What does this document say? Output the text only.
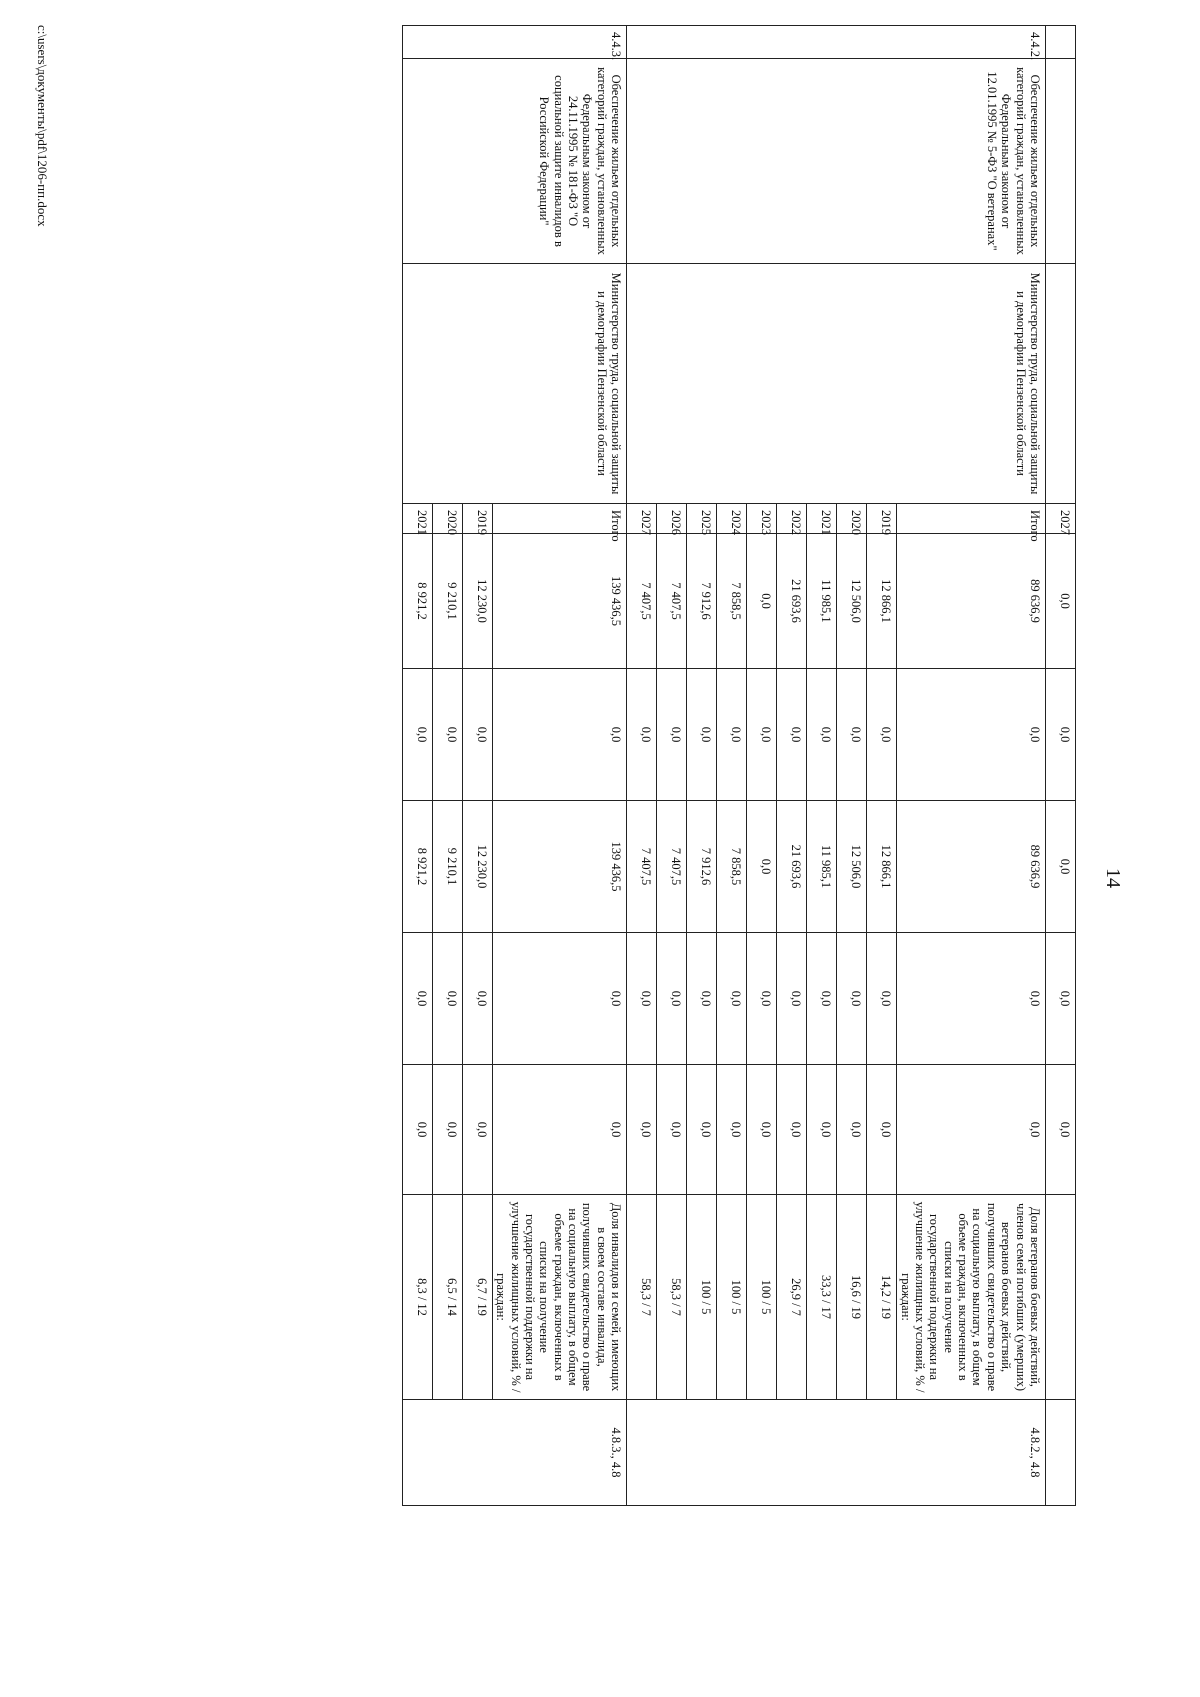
14
			2027	0,0	0,0	0,0	0,0	0,0		
4.4.2.	Обеспечение жильем отдельных категорий граждан, установленных Федеральным законом от 12.01.1995 № 5-ФЗ "О ветеранах"	Министерство труда, социальной защиты и демографии Пензенской области	Итого	89 636,9	0,0	89 636,9	0,0	0,0	Доля ветеранов боевых действий, членов семей погибших (умерших) ветеранов боевых действий, получивших свидетельство о праве на социальную выплату, в общем объеме граждан, включенных в списки на получение государственной поддержки на улучшение жилищных условий, % / граждан:	4.8.2., 4.8
			2019	12 866,1	0,0	12 866,1	0,0	0,0	14,2 / 19	
			2020	12 506,0	0,0	12 506,0	0,0	0,0	16,6 / 19	
			2021	11 985,1	0,0	11 985,1	0,0	0,0	33,3 / 17	
			2022	21 693,6	0,0	21 693,6	0,0	0,0	26,9 / 7	
			2023	0,0	0,0	0,0	0,0	0,0	100 / 5	
			2024	7 858,5	0,0	7 858,5	0,0	0,0	100 / 5	
			2025	7 912,6	0,0	7 912,6	0,0	0,0	100 / 5	
			2026	7 407,5	0,0	7 407,5	0,0	0,0	58,3 / 7	
			2027	7 407,5	0,0	7 407,5	0,0	0,0	58,3 / 7	
4.4.3.	Обеспечение жильем отдельных категорий граждан, установленных Федеральным законом от 24.11.1995 № 181-ФЗ "О социальной защите инвалидов в Российской Федерации"	Министерство труда, социальной защиты и демографии Пензенской области	Итого	139 436,5	0,0	139 436,5	0,0	0,0	Доля инвалидов и семей, имеющих в своем составе инвалида, получивших свидетельство о праве на социальную выплату, в общем объеме граждан, включенных в списки на получение государственной поддержки на улучшение жилищных условий, % / граждан:	4.8.3., 4.8
			2019	12 230,0	0,0	12 230,0	0,0	0,0	6,7 / 19	
			2020	9 210,1	0,0	9 210,1	0,0	0,0	6,5 / 14	
			2021	8 921,2	0,0	8 921,2	0,0	0,0	8,3 / 12	
c:\users\документы\pdf\1206-пп.docx
